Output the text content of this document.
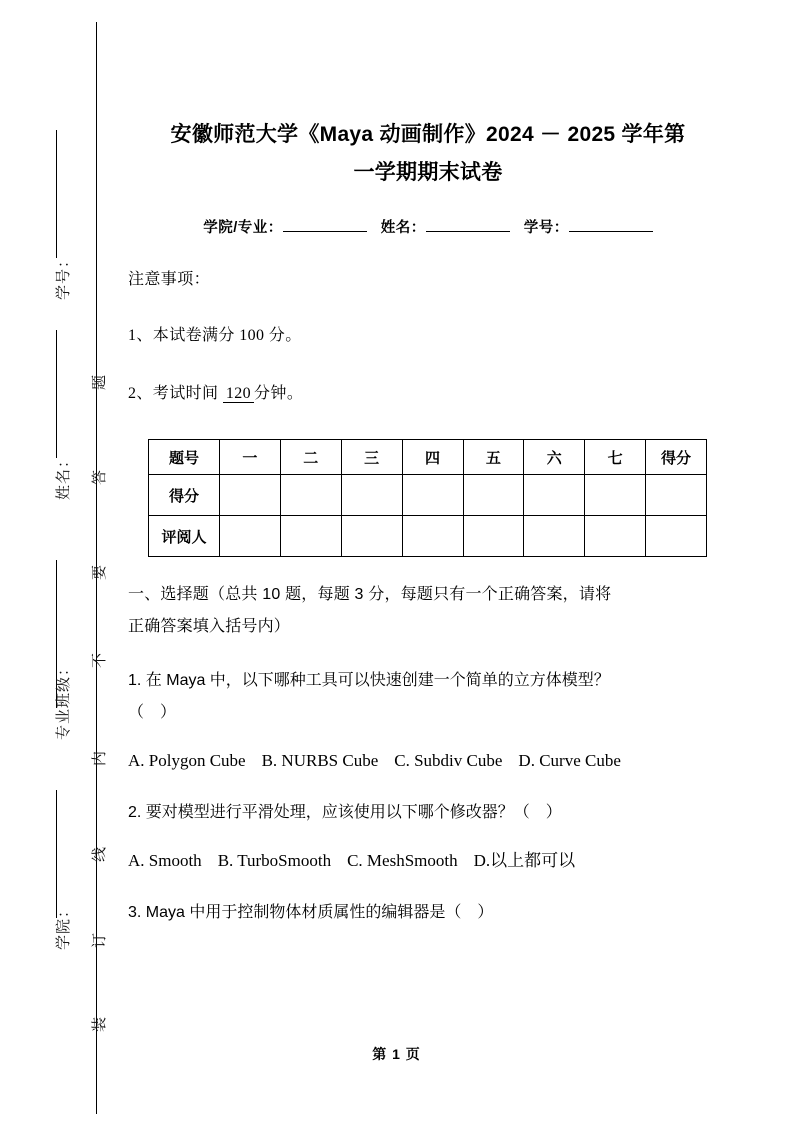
学号：
姓名：
专业班级：
学院：
题
答
要
不
内
线
订
装
安徽师范大学《Maya 动画制作》2024 － 2025 学年第
一学期期末试卷
学院/专业：	姓名：	学号：
注意事项：
1、本试卷满分 100 分。
2、考试时间 120 分钟。
题号	一	二	三	四	五	六	七	得分
得分								
评阅人								
一、选择题（总共 10 题，每题 3 分，每题只有一个正确答案，请将
正确答案填入括号内）
1. 在 Maya 中，以下哪种工具可以快速创建一个简单的立方体模型？
（　）
A. Polygon Cube B. NURBS Cube C. Subdiv Cube D. Curve Cube
2. 要对模型进行平滑处理，应该使用以下哪个修改器？（　）
A. Smooth B. TurboSmooth C. MeshSmooth D.以上都可以
3. Maya 中用于控制物体材质属性的编辑器是（　）
第 1 页
